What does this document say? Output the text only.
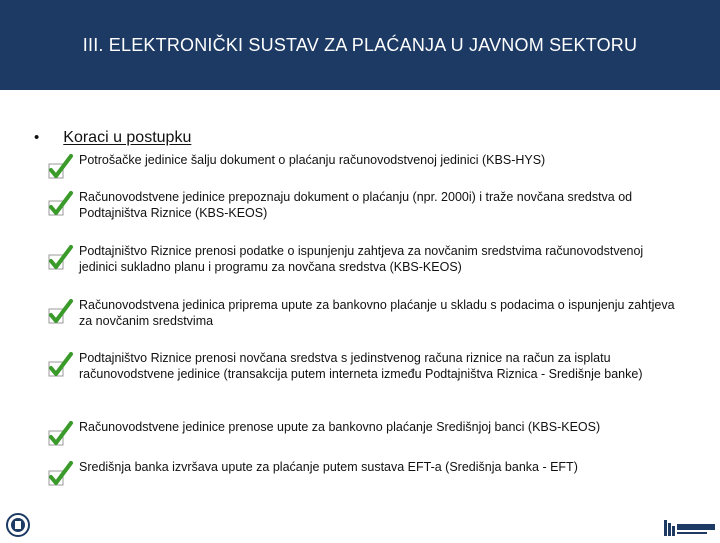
III. ELEKTRONIČKI SUSTAV ZA PLAĆANJA U JAVNOM SEKTORU
• Koraci u postupku
Potrošačke jedinice šalju dokument o plaćanju računovodstvenoj jedinici (KBS-HYS)
Računovodstvene jedinice prepoznaju dokument o plaćanju (npr. 2000i) i traže novčana sredstva od Podtajništva Riznice (KBS-KEOS)
Podtajništvo Riznice prenosi podatke o ispunjenju zahtjeva za novčanim sredstvima računovodstvenoj jedinici sukladno planu i programu za novčana sredstva (KBS-KEOS)
Računovodstvena jedinica priprema upute za bankovno plaćanje u skladu s podacima o ispunjenju zahtjeva za novčanim sredstvima
Podtajništvo Riznice prenosi novčana sredstva s jedinstvenog računa riznice na račun za isplatu računovodstvene jedinice (transakcija putem interneta između Podtajništva Riznica - Središnje banke)
Računovodstvene jedinice prenose upute za bankovno plaćanje Središnjoj banci (KBS-KEOS)
Središnja banka izvršava upute za plaćanje putem sustava EFT-a (Središnja banka - EFT)
